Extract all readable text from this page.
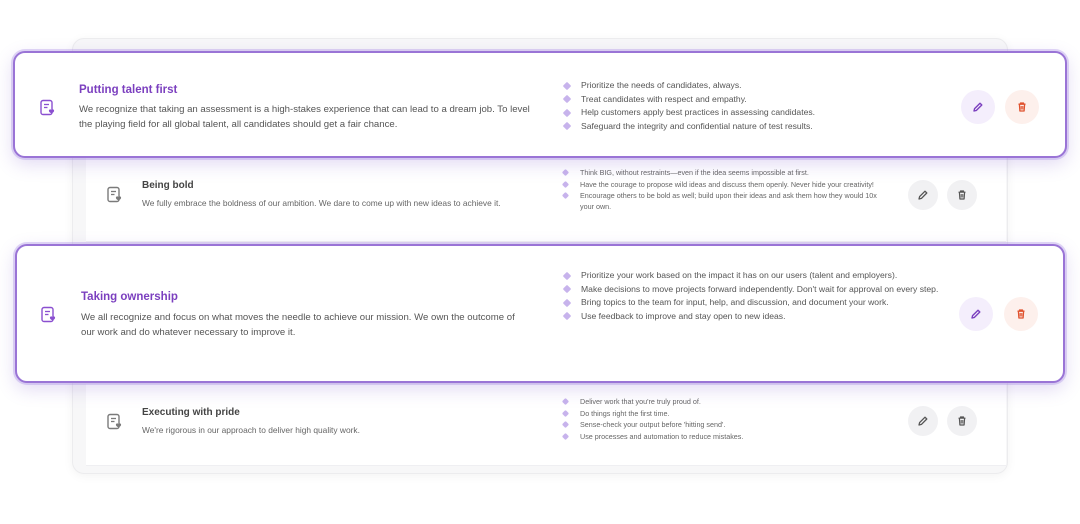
Being bold

We fully embrace the boldness of our ambition. We dare to come up with new ideas to achieve it.

Think BIG, without restraints—even if the idea seems impossible at first.
Have the courage to propose wild ideas and discuss them openly. Never hide your creativity!
Encourage others to be bold as well; build upon their ideas and ask them how they would 10x your own.

Executing with pride

We're rigorous in our approach to deliver high quality work.

Deliver work that you're truly proud of.
Do things right the first time.
Sense-check your output before 'hitting send'.
Use processes and automation to reduce mistakes.

Putting talent first

We recognize that taking an assessment is a high-stakes experience that can lead to a dream job. To level the playing field for all global talent, all candidates should get a fair chance.

Prioritize the needs of candidates, always.
Treat candidates with respect and empathy.
Help customers apply best practices in assessing candidates.
Safeguard the integrity and confidential nature of test results.

Taking ownership

We all recognize and focus on what moves the needle to achieve our mission. We own the outcome of our work and do whatever necessary to improve it.

Prioritize your work based on the impact it has on our users (talent and employers).
Make decisions to move projects forward independently. Don't wait for approval on every step.
Bring topics to the team for input, help, and discussion, and document your work.
Use feedback to improve and stay open to new ideas.
